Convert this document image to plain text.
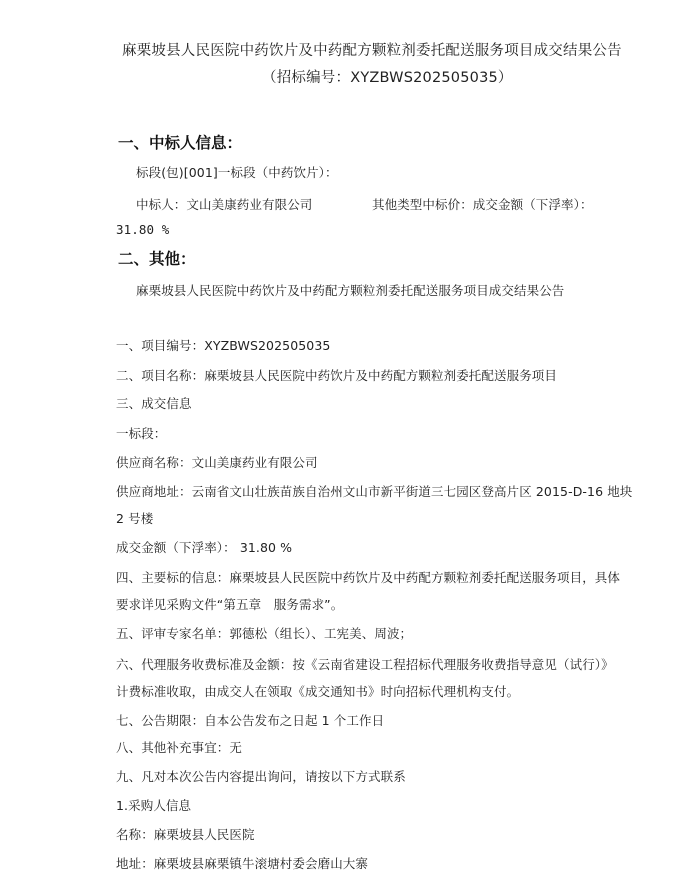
麻栗坡县人民医院中药饮片及中药配方颗粒剂委托配送服务项目成交结果公告
（招标编号：XYZBWS202505035）
一、中标人信息：
标段(包)[001]一标段（中药饮片）：
中标人：文山美康药业有限公司	其他类型中标价：成交金额（下浮率）：
31.80 %
二、其他：
麻栗坡县人民医院中药饮片及中药配方颗粒剂委托配送服务项目成交结果公告
一、项目编号：XYZBWS202505035
二、项目名称：麻栗坡县人民医院中药饮片及中药配方颗粒剂委托配送服务项目
三、成交信息
一标段：
供应商名称：文山美康药业有限公司
供应商地址：云南省文山壮族苗族自治州文山市新平街道三七园区登高片区 2015-D-16 地块
2 号楼
成交金额（下浮率）： 31.80 %
四、主要标的信息：麻栗坡县人民医院中药饮片及中药配方颗粒剂委托配送服务项目，具体
要求详见采购文件“第五章　服务需求”。
五、评审专家名单：郭德松（组长）、工宪美、周波；
六、代理服务收费标准及金额：按《云南省建设工程招标代理服务收费指导意见（试行）》
计费标准收取，由成交人在领取《成交通知书》时向招标代理机构支付。
七、公告期限：自本公告发布之日起 1 个工作日
八、其他补充事宜：无
九、凡对本次公告内容提出询问，请按以下方式联系
1.采购人信息
名称：麻栗坡县人民医院
地址：麻栗坡县麻栗镇牛滚塘村委会磨山大寨
